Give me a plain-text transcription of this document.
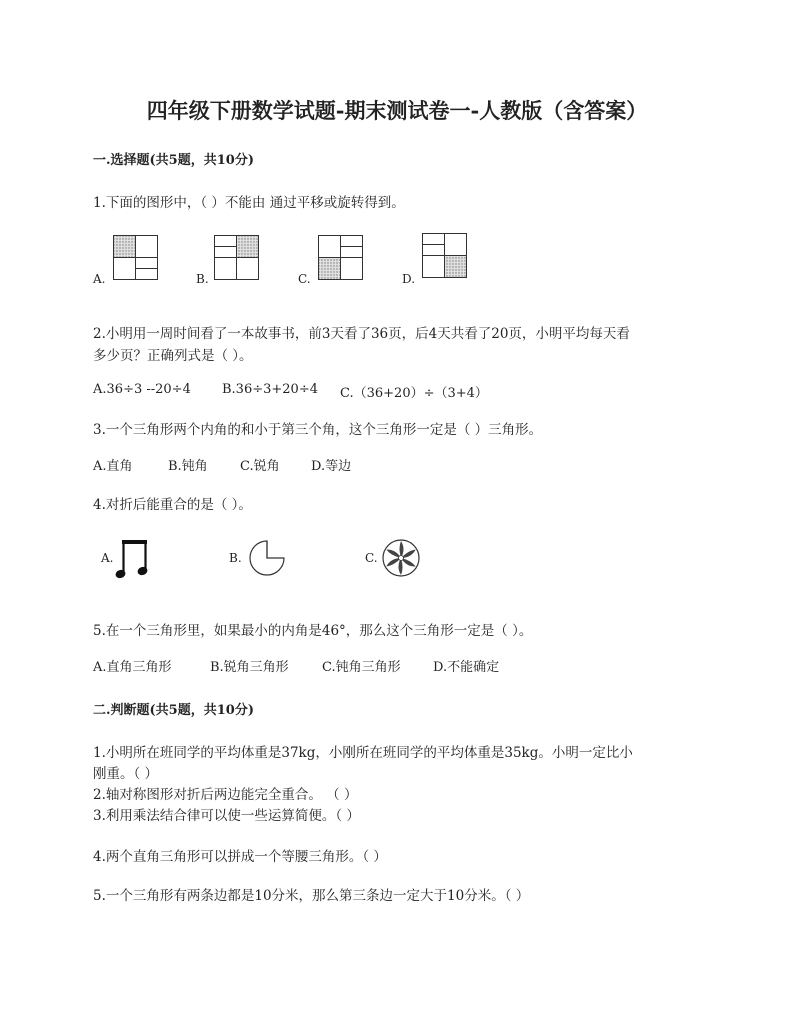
四年级下册数学试题-期末测试卷一-人教版（含答案）
一.选择题(共5题，共10分)
1.下面的图形中，（ ）不能由 通过平移或旋转得到。
A.	B.	C.	D.
2.小明用一周时间看了一本故事书，前3天看了36页，后4天共看了20页，小明平均每天看
多少页？正确列式是（ ）。
A.36÷3 --20÷4 B.36÷3+20÷4 C.（36+20）÷（3+4）
3.一个三角形两个内角的和小于第三个角，这个三角形一定是（ ）三角形。
A.直角	B.钝角 C.锐角 D.等边
4.对折后能重合的是（ ）。
A.	B.	C.
5.在一个三角形里，如果最小的内角是46°，那么这个三角形一定是（ ）。
A.直角三角形	B.锐角三角形	C.钝角三角形 D.不能确定
二.判断题(共5题，共10分)
1.小明所在班同学的平均体重是37kg，小刚所在班同学的平均体重是35kg。小明一定比小
刚重。（ ）
2.轴对称图形对折后两边能完全重合。 （ ）
3.利用乘法结合律可以使一些运算简便。（ ）
4.两个直角三角形可以拼成一个等腰三角形。（ ）
5.一个三角形有两条边都是10分米，那么第三条边一定大于10分米。（ ）
